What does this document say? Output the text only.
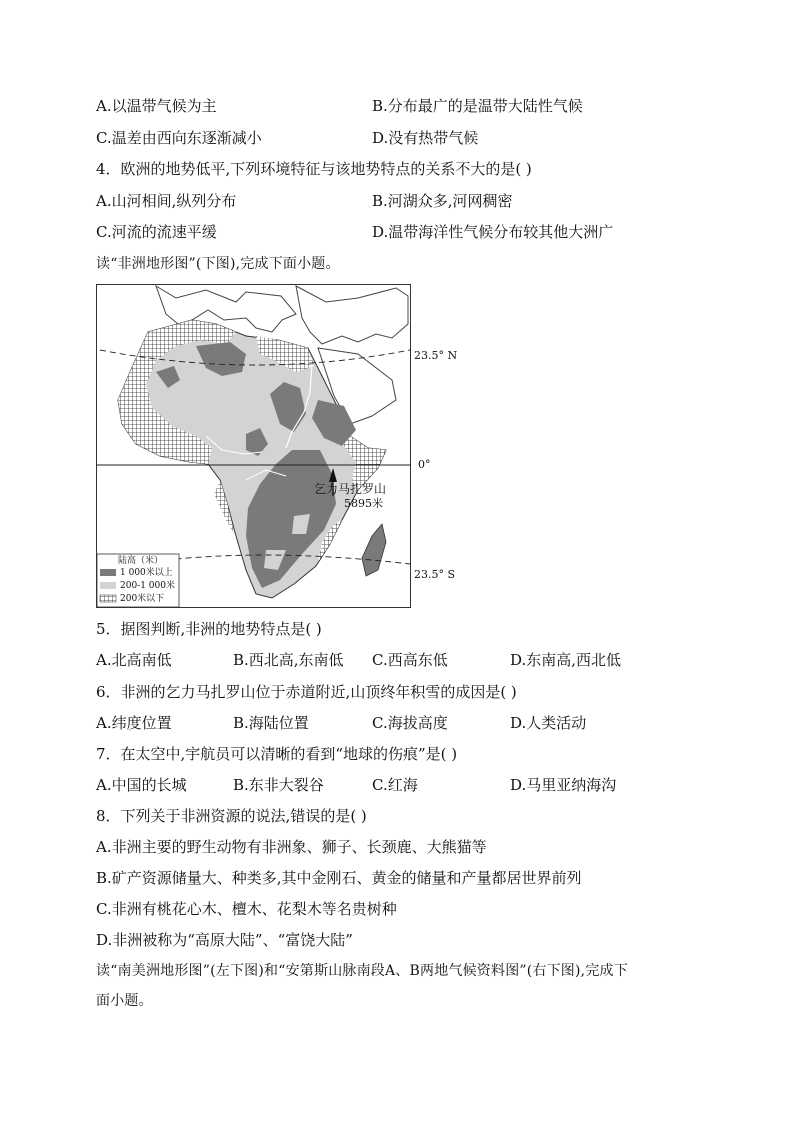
A.以温带气候为主	B.分布最广的是温带大陆性气候
C.温差由西向东逐渐减小	D.没有热带气候
4．欧洲的地势低平,下列环境特征与该地势特点的关系不大的是( )
A.山河相间,纵列分布	B.河湖众多,河网稠密
C.河流的流速平缓	D.温带海洋性气候分布较其他大洲广
读“非洲地形图”(下图),完成下面小题。
23.5° N
0°
23.5° S
乞力马扎罗山
5895米
陆高（米）
1 000米以上
200-1 000米
200米以下
5．据图判断,非洲的地势特点是( )
A.北高南低	B.西北高,东南低 C.西高东低	D.东南高,西北低
6．非洲的乞力马扎罗山位于赤道附近,山顶终年积雪的成因是( )
A.纬度位置	B.海陆位置	C.海拔高度	D.人类活动
7．在太空中,宇航员可以清晰的看到“地球的伤痕”是( )
A.中国的长城	B.东非大裂谷	C.红海	D.马里亚纳海沟
8．下列关于非洲资源的说法,错误的是( )
A.非洲主要的野生动物有非洲象、狮子、长颈鹿、大熊猫等
B.矿产资源储量大、种类多,其中金刚石、黄金的储量和产量都居世界前列
C.非洲有桃花心木、檀木、花梨木等名贵树种
D.非洲被称为“高原大陆”、“富饶大陆”
读“南美洲地形图”(左下图)和“安第斯山脉南段A、B两地气候资料图”(右下图),完成下
面小题。
